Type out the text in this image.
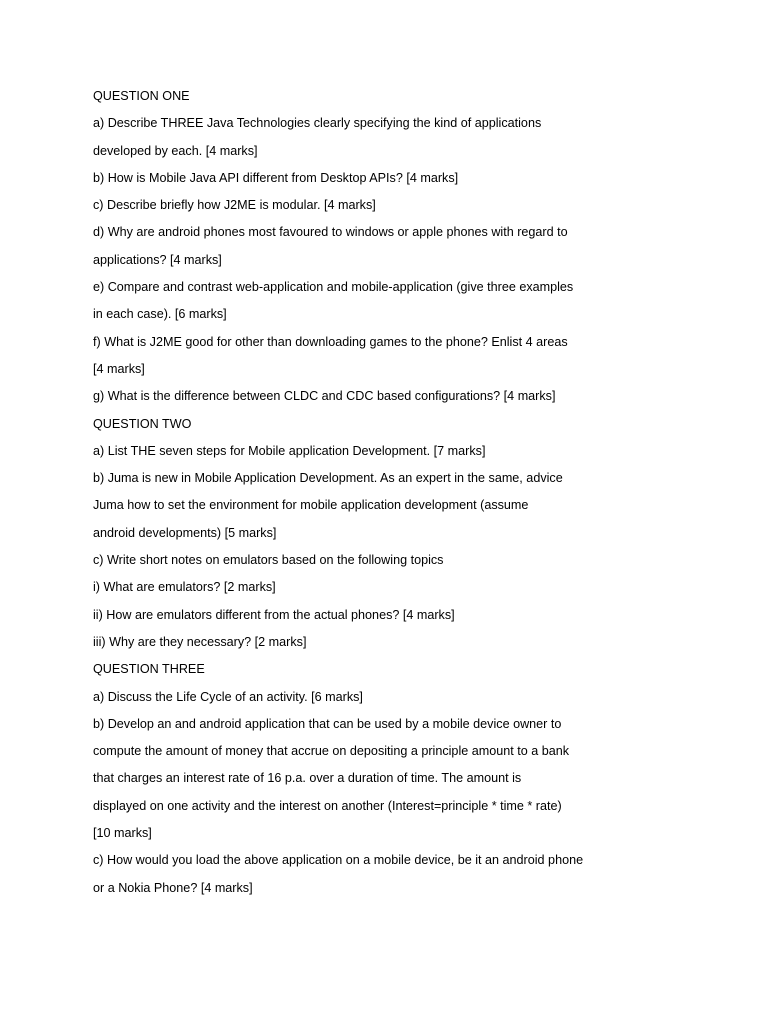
QUESTION ONE
a) Describe THREE Java Technologies clearly specifying the kind of applications
developed by each. [4 marks]
b) How is Mobile Java API different from Desktop APIs? [4 marks]
c) Describe briefly how J2ME is modular. [4 marks]
d) Why are android phones most favoured to windows or apple phones with regard to
applications? [4 marks]
e) Compare and contrast web-application and mobile-application (give three examples
in each case). [6 marks]
f) What is J2ME good for other than downloading games to the phone? Enlist 4 areas
[4 marks]
g) What is the difference between CLDC and CDC based configurations? [4 marks]
QUESTION TWO
a) List THE seven steps for Mobile application Development. [7 marks]
b) Juma is new in Mobile Application Development. As an expert in the same, advice
Juma how to set the environment for mobile application development (assume
android developments) [5 marks]
c) Write short notes on emulators based on the following topics
i) What are emulators? [2 marks]
ii) How are emulators different from the actual phones? [4 marks]
iii) Why are they necessary? [2 marks]
QUESTION THREE
a) Discuss the Life Cycle of an activity. [6 marks]
b) Develop an and android application that can be used by a mobile device owner to
compute the amount of money that accrue on depositing a principle amount to a bank
that charges an interest rate of 16 p.a. over a duration of time. The amount is
displayed on one activity and the interest on another (Interest=principle * time * rate)
[10 marks]
c) How would you load the above application on a mobile device, be it an android phone
or a Nokia Phone? [4 marks]
